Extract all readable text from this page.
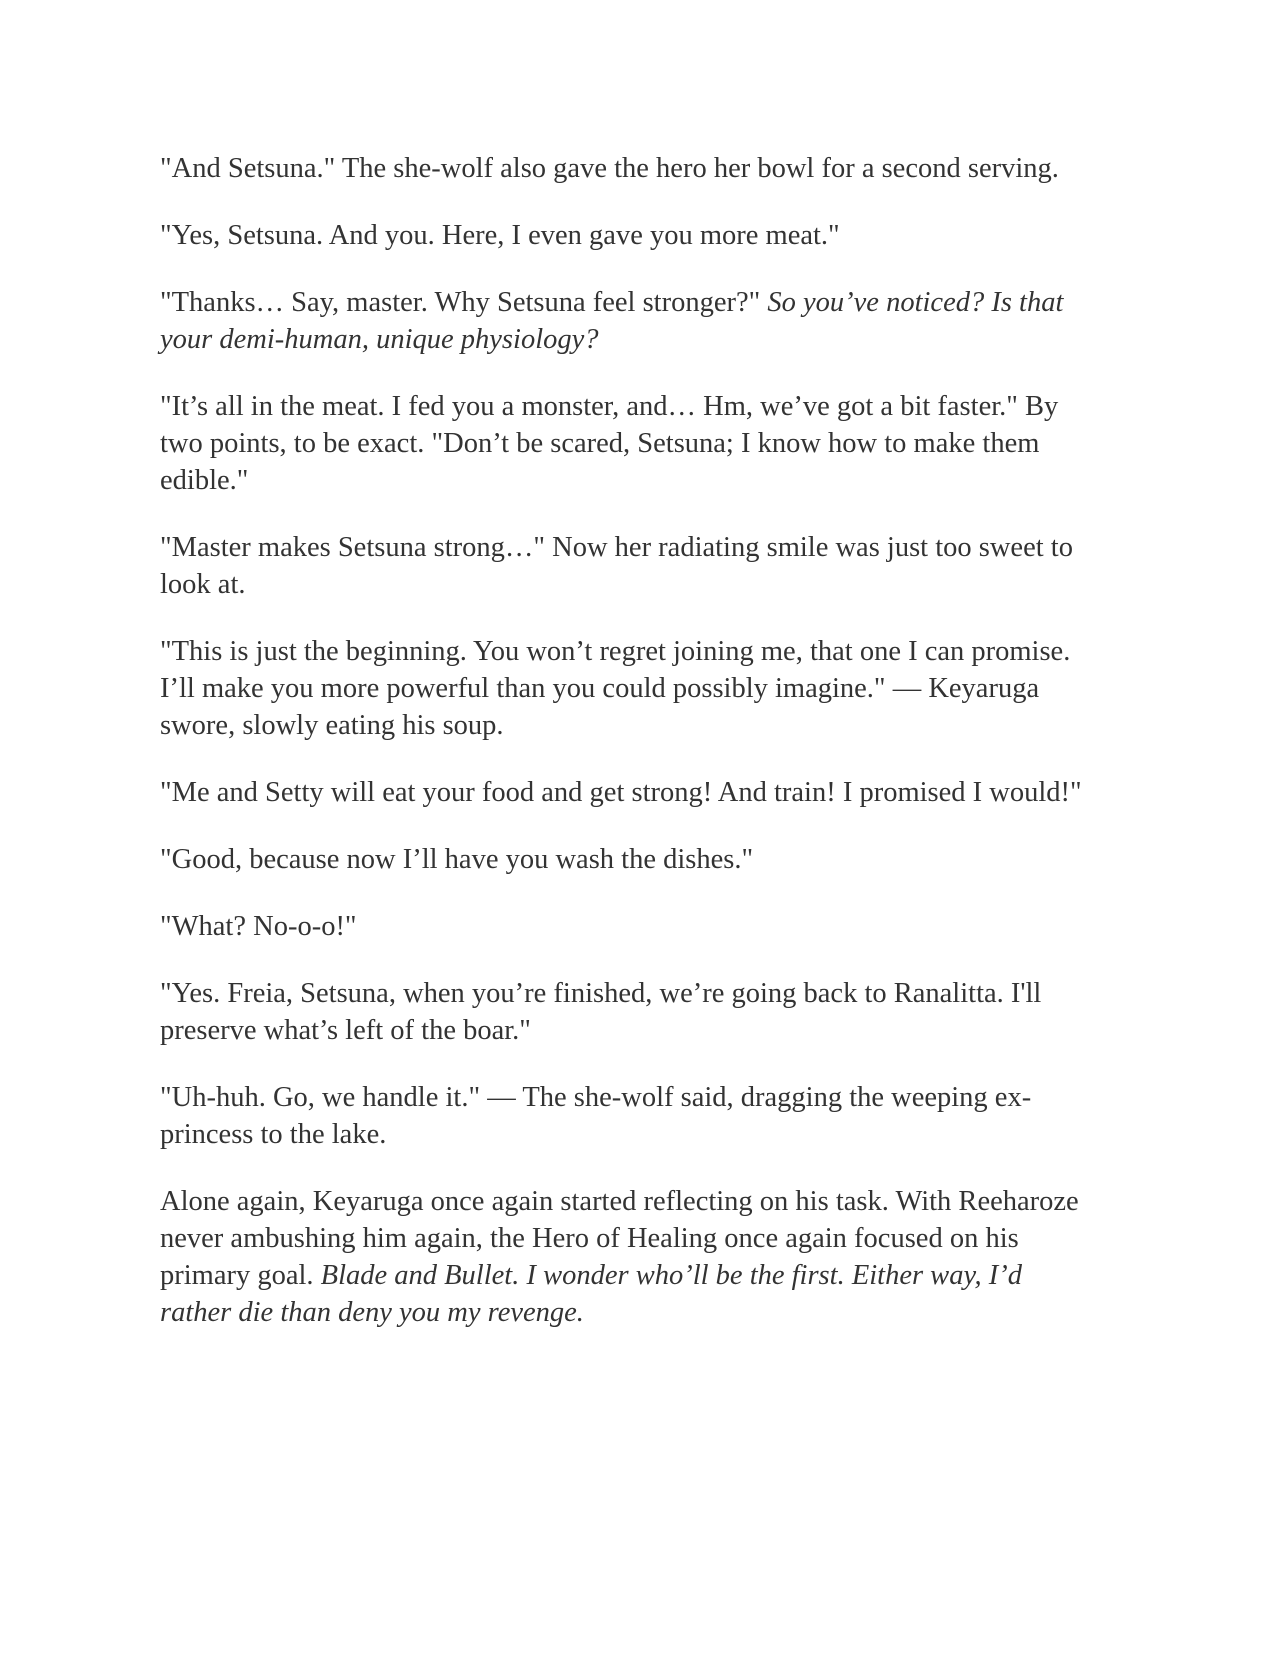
"And Setsuna." The she-wolf also gave the hero her bowl for a second serving.

"Yes, Setsuna. And you. Here, I even gave you more meat."

"Thanks… Say, master. Why Setsuna feel stronger?" So you’ve noticed? Is that your demi-human, unique physiology?

"It’s all in the meat. I fed you a monster, and… Hm, we’ve got a bit faster." By two points, to be exact. "Don’t be scared, Setsuna; I know how to make them edible."

"Master makes Setsuna strong…" Now her radiating smile was just too sweet to look at.

"This is just the beginning. You won’t regret joining me, that one I can promise. I’ll make you more powerful than you could possibly imagine." — Keyaruga swore, slowly eating his soup.

"Me and Setty will eat your food and get strong! And train! I promised I would!"

"Good, because now I’ll have you wash the dishes."

"What? No-o-o!"

"Yes. Freia, Setsuna, when you’re finished, we’re going back to Ranalitta. I'll preserve what’s left of the boar."

"Uh-huh. Go, we handle it." — The she-wolf said, dragging the weeping ex-princess to the lake.

Alone again, Keyaruga once again started reflecting on his task. With Reeharoze never ambushing him again, the Hero of Healing once again focused on his primary goal. Blade and Bullet. I wonder who’ll be the first. Either way, I’d rather die than deny you my revenge.
